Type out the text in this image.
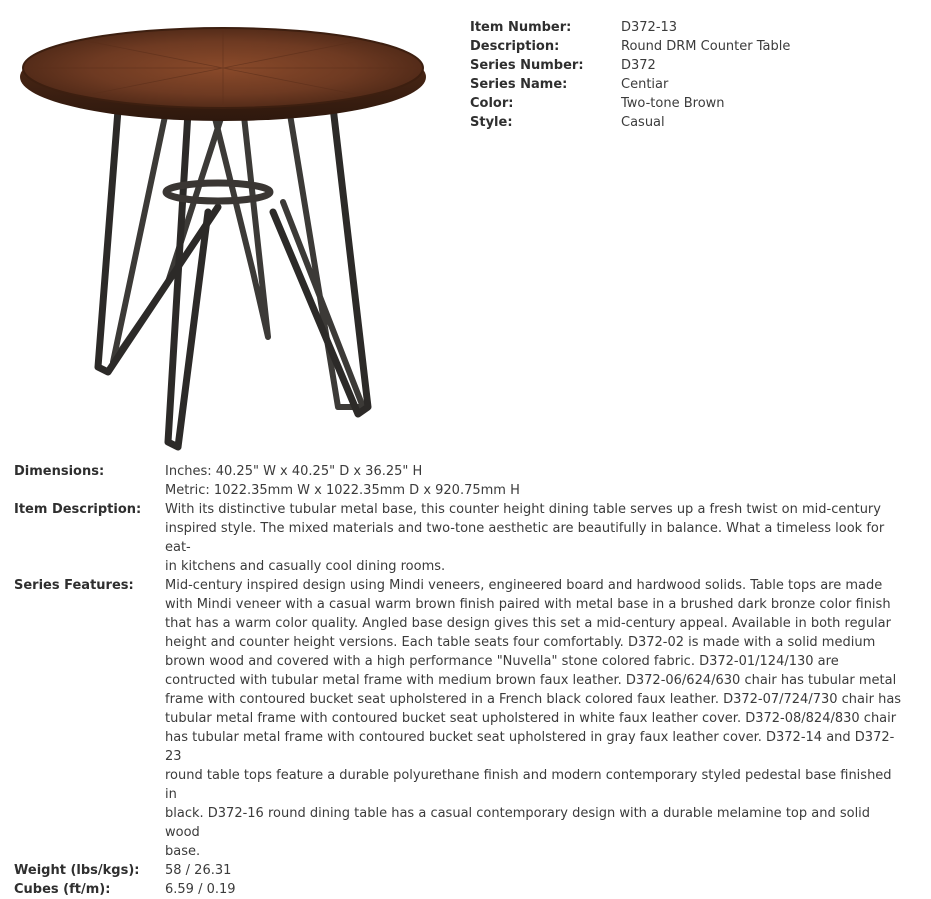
Item Number:	D372-13
Description:	Round DRM Counter Table
Series Number:	D372
Series Name:	Centiar
Color:	Two-tone Brown
Style:	Casual
Dimensions:	Inches: 40.25" W x 40.25" D x 36.25" H
Metric: 1022.35mm W x 1022.35mm D x 920.75mm H
Item Description:	With its distinctive tubular metal base, this counter height dining table serves up a fresh twist on mid-century
inspired style. The mixed materials and two-tone aesthetic are beautifully in balance. What a timeless look for eat-
in kitchens and casually cool dining rooms.
Series Features:	Mid-century inspired design using Mindi veneers, engineered board and hardwood solids. Table tops are made
with Mindi veneer with a casual warm brown finish paired with metal base in a brushed dark bronze color finish
that has a warm color quality. Angled base design gives this set a mid-century appeal. Available in both regular
height and counter height versions. Each table seats four comfortably. D372-02 is made with a solid medium
brown wood and covered with a high performance "Nuvella" stone colored fabric. D372-01/124/130 are
contructed with tubular metal frame with medium brown faux leather. D372-06/624/630 chair has tubular metal
frame with contoured bucket seat upholstered in a French black colored faux leather. D372-07/724/730 chair has
tubular metal frame with contoured bucket seat upholstered in white faux leather cover. D372-08/824/830 chair
has tubular metal frame with contoured bucket seat upholstered in gray faux leather cover. D372-14 and D372-23
round table tops feature a durable polyurethane finish and modern contemporary styled pedestal base finished in
black. D372-16 round dining table has a casual contemporary design with a durable melamine top and solid wood
base.
Weight (lbs/kgs):	58 / 26.31
Cubes (ft/m):	6.59 / 0.19
